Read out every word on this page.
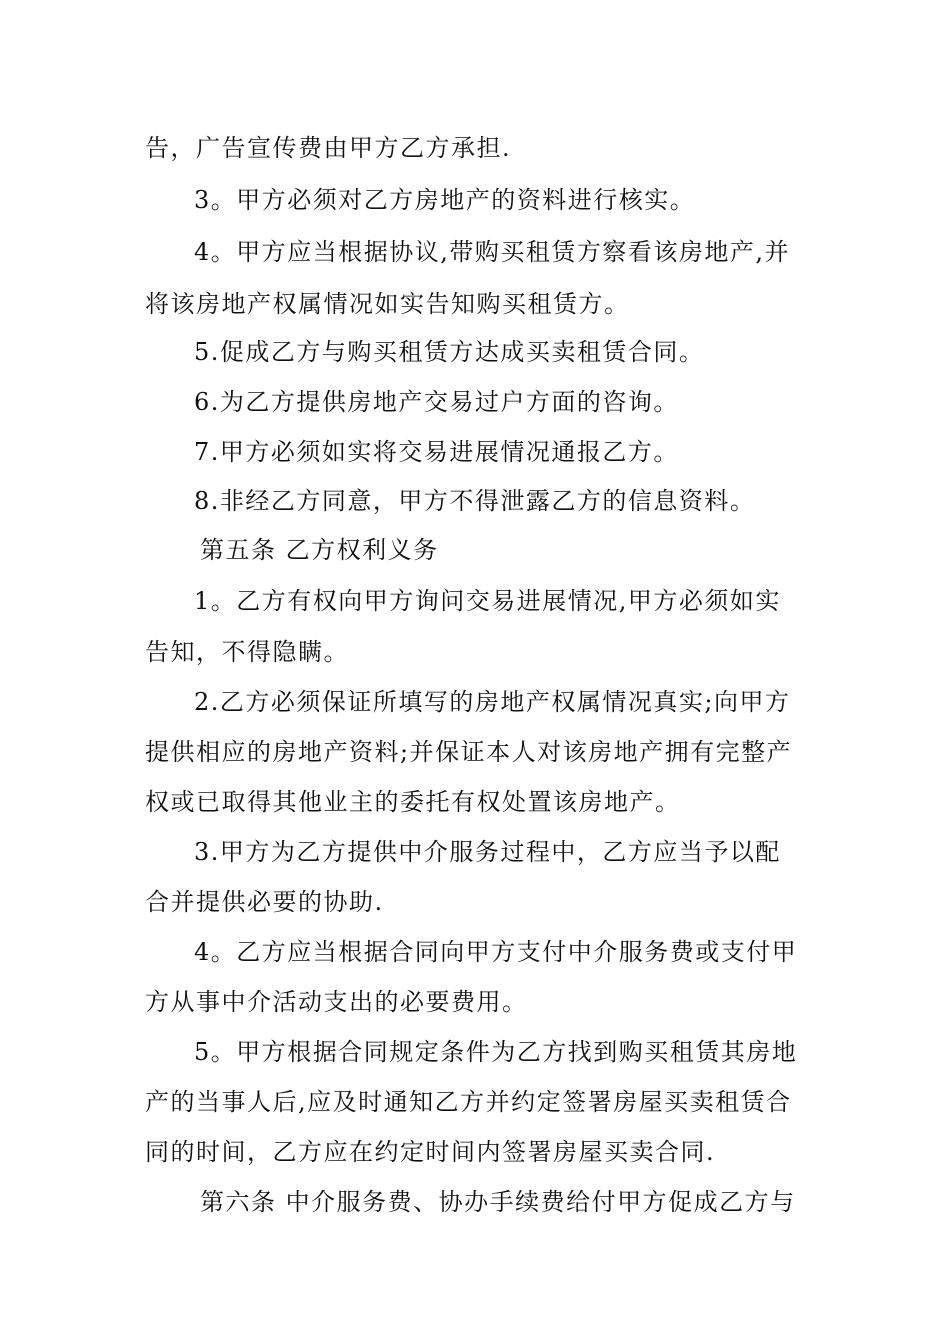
告，广告宣传费由甲方乙方承担.
3。甲方必须对乙方房地产的资料进行核实。
4。甲方应当根据协议,带购买租赁方察看该房地产,并
将该房地产权属情况如实告知购买租赁方。
5.促成乙方与购买租赁方达成买卖租赁合同。
6.为乙方提供房地产交易过户方面的咨询。
7.甲方必须如实将交易进展情况通报乙方。
8.非经乙方同意，甲方不得泄露乙方的信息资料。
第五条 乙方权利义务
1。乙方有权向甲方询问交易进展情况,甲方必须如实
告知，不得隐瞒。
2.乙方必须保证所填写的房地产权属情况真实;向甲方
提供相应的房地产资料;并保证本人对该房地产拥有完整产
权或已取得其他业主的委托有权处置该房地产。
3.甲方为乙方提供中介服务过程中，乙方应当予以配
合并提供必要的协助.
4。乙方应当根据合同向甲方支付中介服务费或支付甲
方从事中介活动支出的必要费用。
5。甲方根据合同规定条件为乙方找到购买租赁其房地
产的当事人后,应及时通知乙方并约定签署房屋买卖租赁合
同的时间，乙方应在约定时间内签署房屋买卖合同.
第六条 中介服务费、协办手续费给付甲方促成乙方与
